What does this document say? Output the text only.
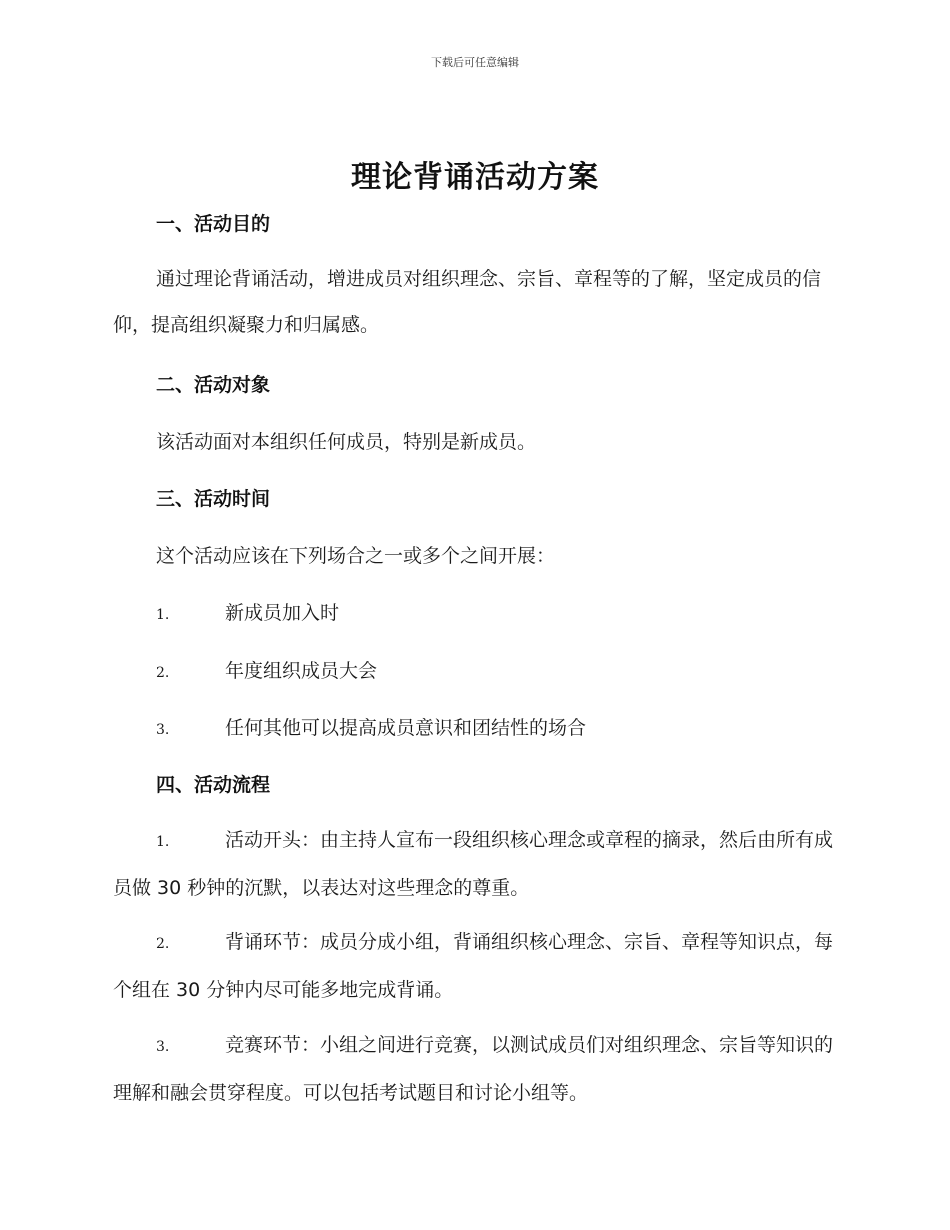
下载后可任意编辑
理论背诵活动方案
一、活动目的
通过理论背诵活动，增进成员对组织理念、宗旨、章程等的了解，坚定成员的信仰，提高组织凝聚力和归属感。
二、活动对象
该活动面对本组织任何成员，特别是新成员。
三、活动时间
这个活动应该在下列场合之一或多个之间开展：
1.	新成员加入时
2.	年度组织成员大会
3.	任何其他可以提高成员意识和团结性的场合
四、活动流程
1.	活动开头：由主持人宣布一段组织核心理念或章程的摘录，然后由所有成员做 30 秒钟的沉默，以表达对这些理念的尊重。
2.	背诵环节：成员分成小组，背诵组织核心理念、宗旨、章程等知识点，每个组在 30 分钟内尽可能多地完成背诵。
3.	竞赛环节：小组之间进行竞赛，以测试成员们对组织理念、宗旨等知识的理解和融会贯穿程度。可以包括考试题目和讨论小组等。
